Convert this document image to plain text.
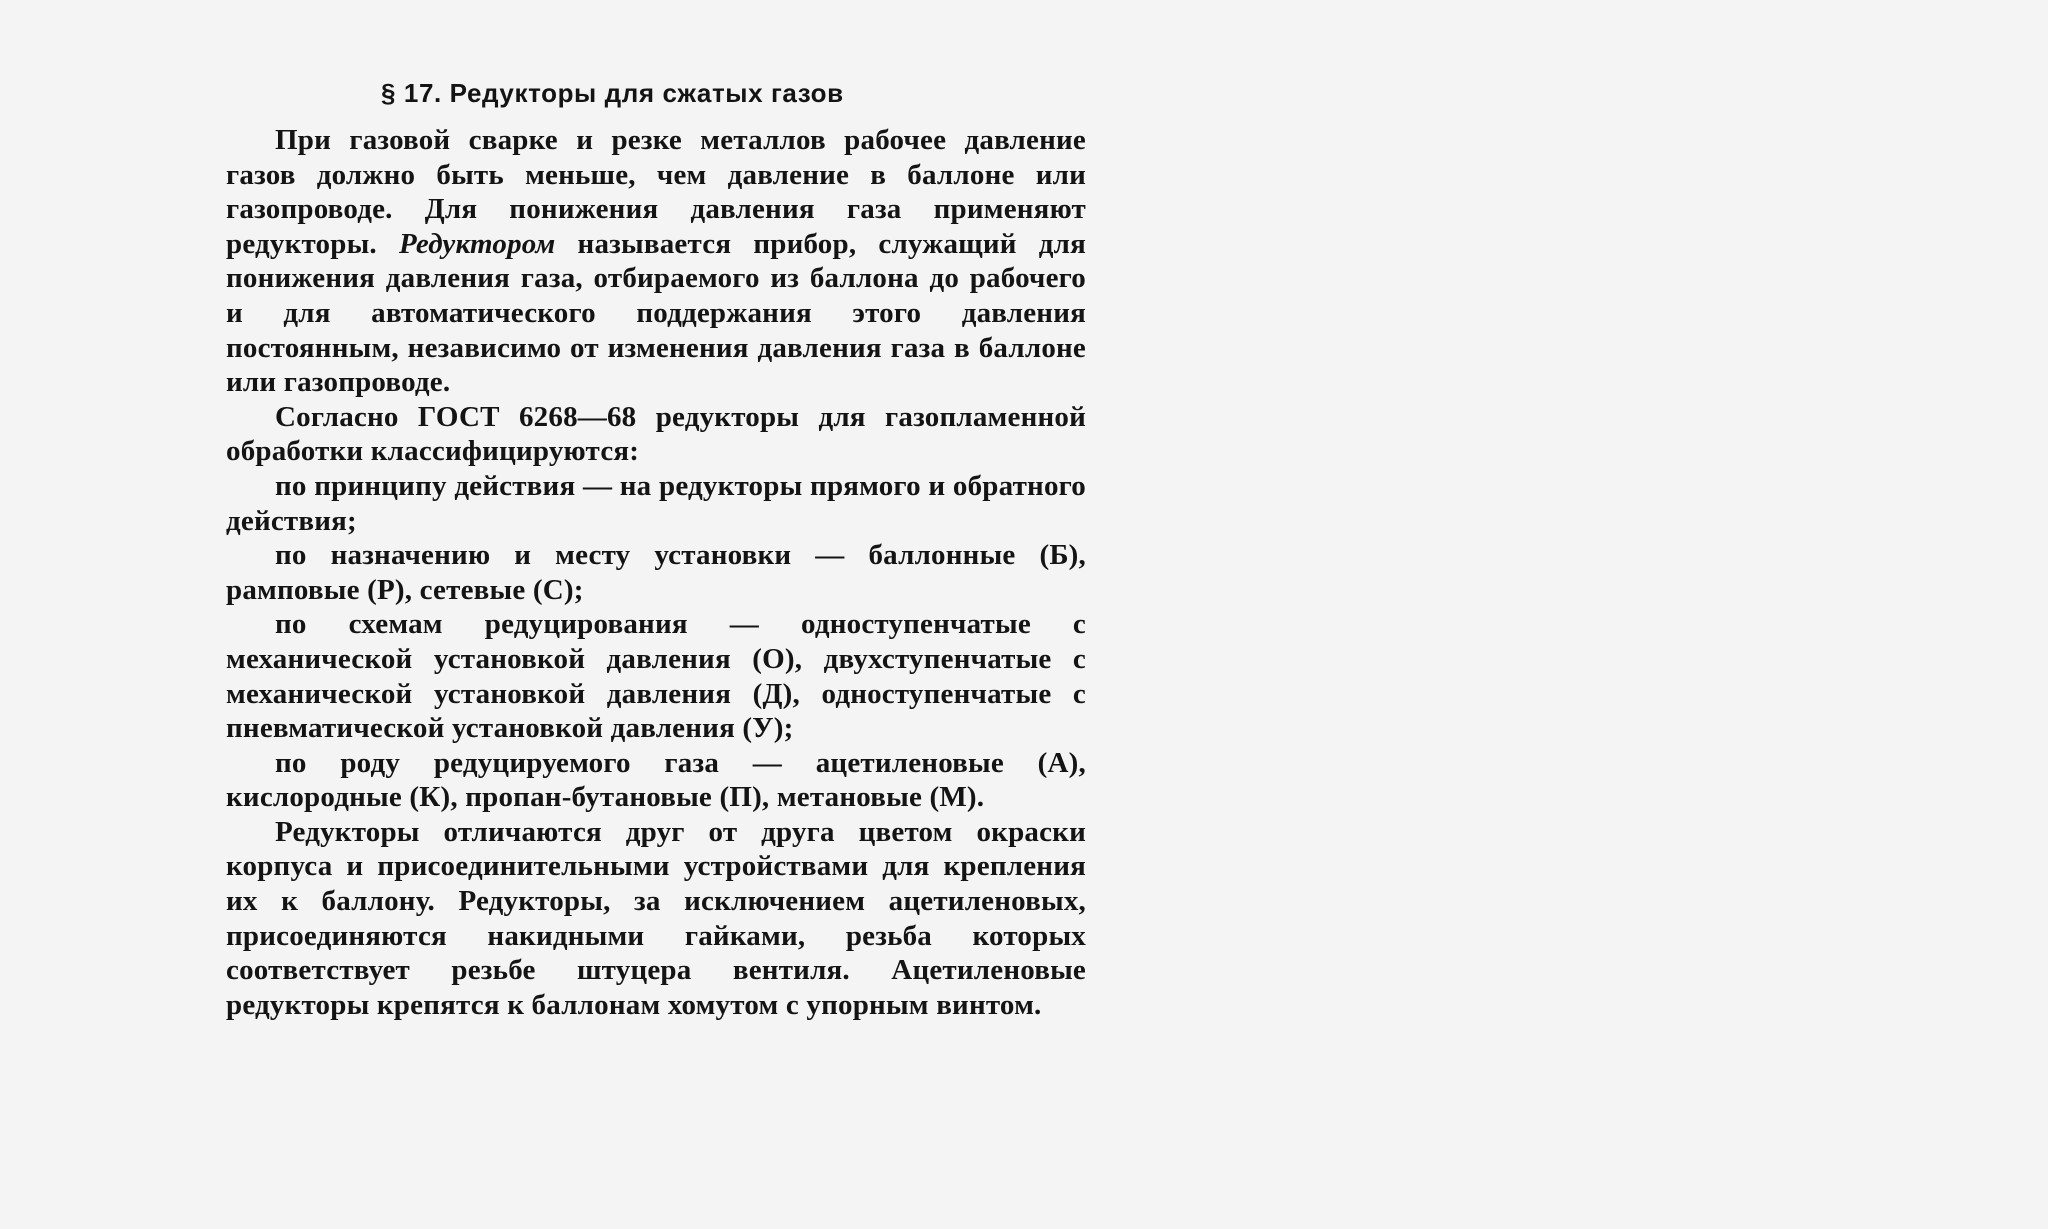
§ 17. Редукторы для сжатых газов

При газовой сварке и резке металлов рабочее давление газов должно быть меньше, чем давление в баллоне или газопроводе. Для понижения давления газа применяют редукторы. Редуктором называется прибор, служащий для понижения давления газа, отбираемого из баллона до рабочего и для автоматического поддержания этого давления постоянным, независимо от изменения давления газа в баллоне или газопроводе.

Согласно ГОСТ 6268—68 редукторы для газопламенной обработки классифицируются:

по принципу действия — на редукторы прямого и обратного действия;

по назначению и месту установки — баллонные (Б), рамповые (Р), сетевые (С);

по схемам редуцирования — одноступенчатые с механической установкой давления (О), двухступенчатые с механической установкой давления (Д), одноступенчатые с пневматической установкой давления (У);

по роду редуцируемого газа — ацетиленовые (А), кислородные (К), пропан-бутановые (П), метановые (М).

Редукторы отличаются друг от друга цветом окраски корпуса и присоединительными устройствами для крепления их к баллону. Редукторы, за исключением ацетиленовых, присоединяются накидными гайками, резьба которых соответствует резьбе штуцера вентиля. Ацетиленовые редукторы крепятся к баллонам хомутом с упорным винтом.
